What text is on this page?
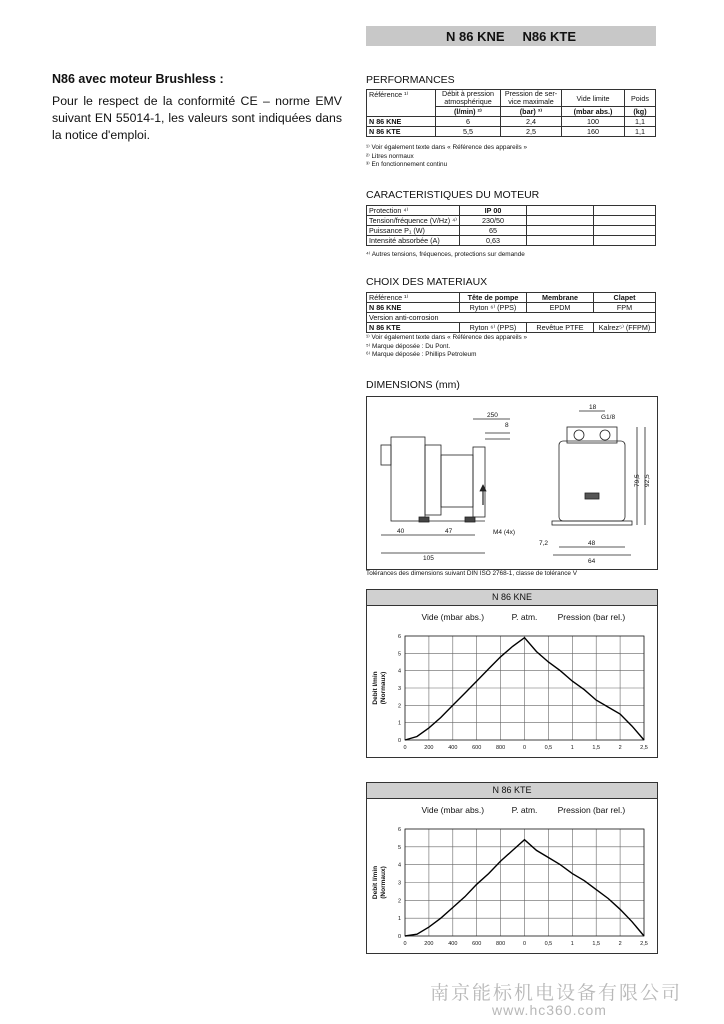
N 86 KNE N86 KTE
N86 avec moteur Brushless :
Pour le respect de la conformité CE – norme EMV suivant EN 55014-1, les valeurs sont indiquées dans la notice d'emploi.
PERFORMANCES
Référence ¹⁾	Débit à pression atmosphérique	Pression de ser-vice maximale	Vide limite	Poids
	(l/min) ²⁾	(bar) ³⁾	(mbar abs.)	(kg)
N 86 KNE	6	2,4	100	1,1
N 86 KTE	5,5	2,5	160	1,1
¹⁾ Voir également texte dans « Référence des appareils »
²⁾ Litres normaux
³⁾ En fonctionnement continu
CARACTERISTIQUES DU MOTEUR
Protection ⁴⁾	IP 00		
Tension/fréquence (V/Hz) ⁴⁾	230/50		
Puissance P₁ (W)	65		
Intensité absorbée (A)	0,63		
⁴⁾ Autres tensions, fréquences, protections sur demande
CHOIX DES MATERIAUX
Référence ¹⁾	Tête de pompe	Membrane	Clapet
N 86 KNE	Ryton ⁶⁾ (PPS)	EPDM	FPM
Version anti-corrosion			
N 86 KTE	Ryton ⁶⁾ (PPS)	Revêtue PTFE	Kalrez⁵⁾ (FFPM)
¹⁾ Voir également texte dans « Référence des appareils »
⁵⁾ Marque déposée : Du Pont.
⁶⁾ Marque déposée : Phillips Petroleum
DIMENSIONS (mm)
250
8
40	47
105
M4 (4x)
18
G1/8
79,5 92,5
48
64
7,2
Tolérances des dimensions suivant DIN ISO 2768-1, classe de tolérance V
N 86 KNE
Vide (mbar abs.)	P. atm. Pression (bar rel.)
0
1
2
3
4
5
6
0	200	400	600	800	0	0,5	1	1,5	2	2,5
Debit l/min (Normaux)
N 86 KTE
Vide (mbar abs.)	P. atm. Pression (bar rel.)
0
1
2
3
4
5
6
0	200	400	600	800	0	0,5	1	1,5	2	2,5
Debit l/min (Normaux)
南京能标机电设备有限公司
www.hc360.com
